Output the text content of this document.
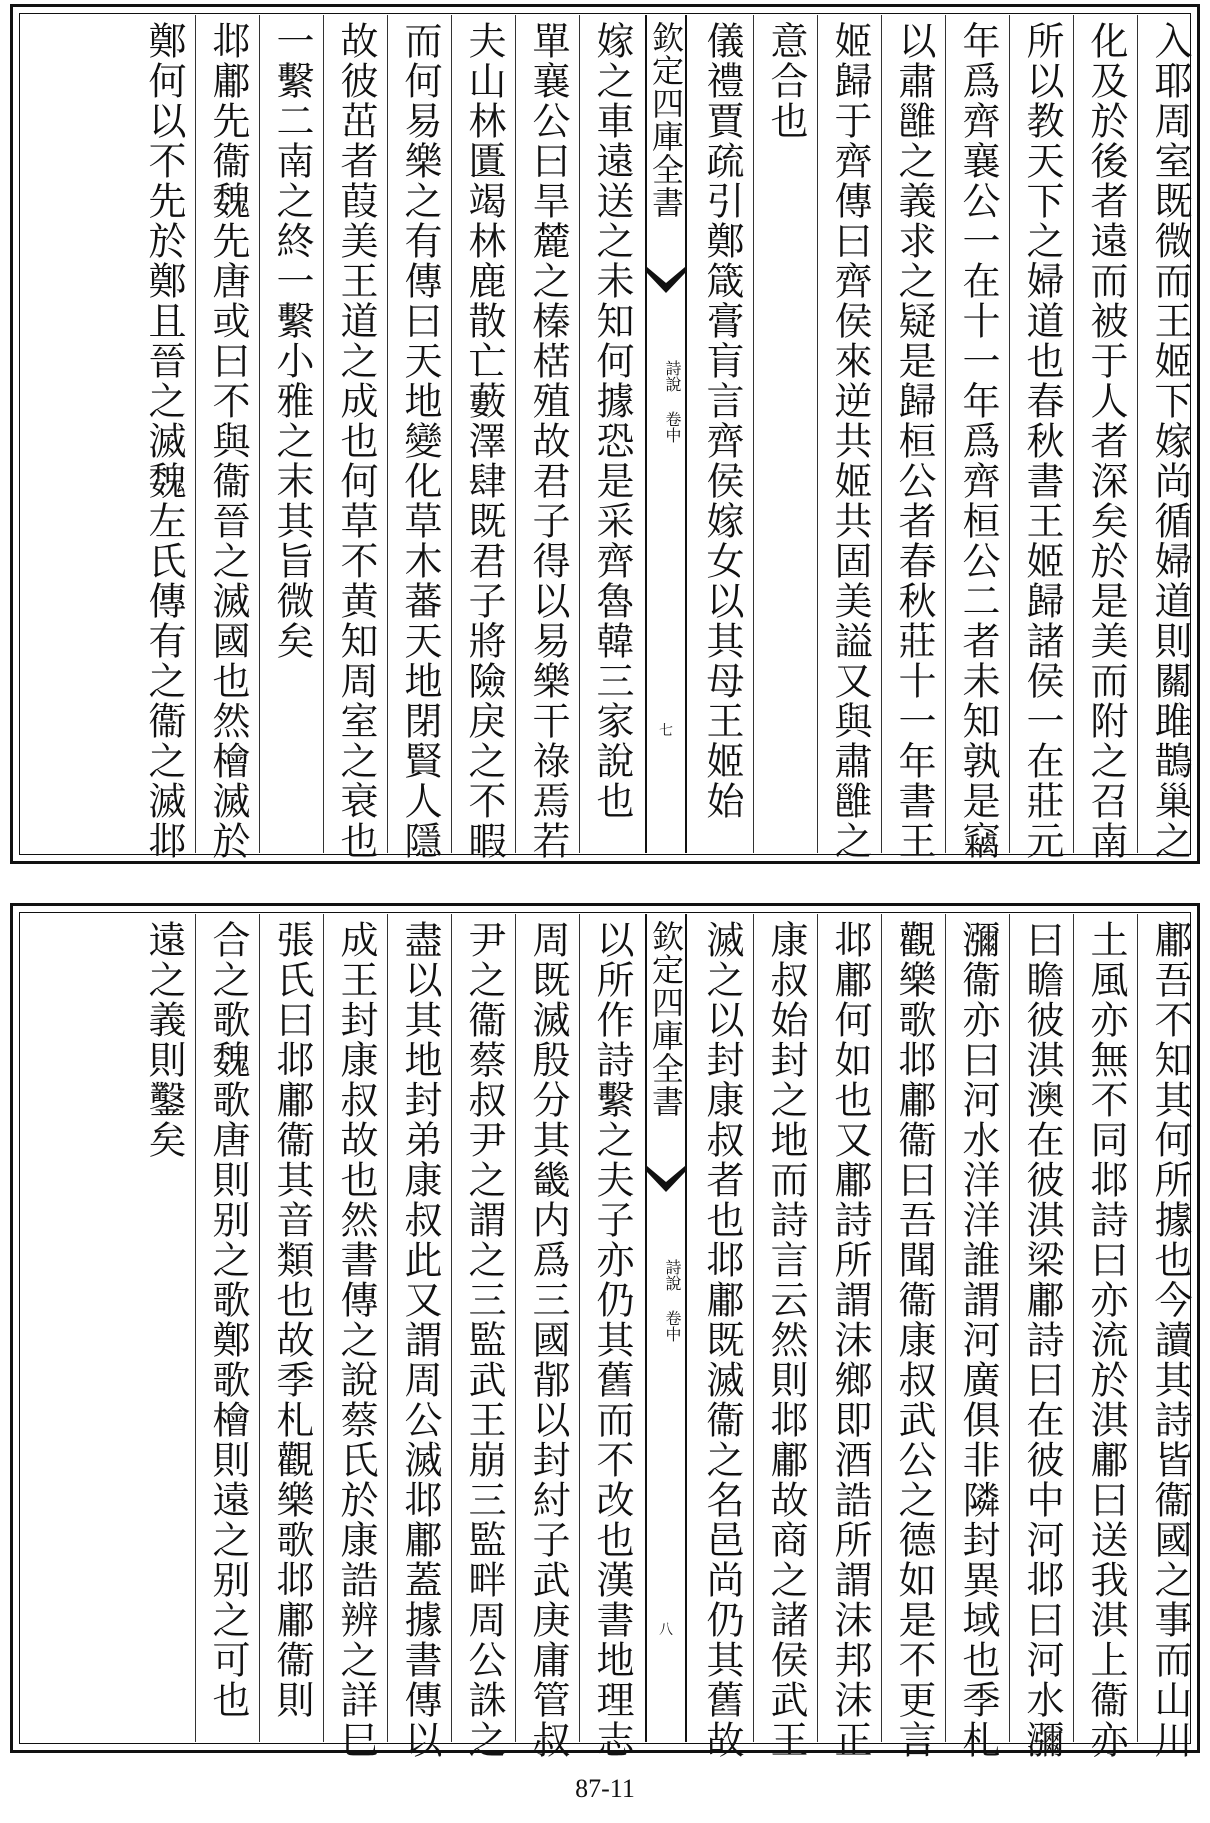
入耶周室既微而王姬下嫁尚循婦道則關雎鵲巢之
化及於後者遠而被于人者深矣於是美而附之召南
所以教天下之婦道也春秋書王姬歸諸侯一在莊元
年爲齊襄公一在十一年爲齊桓公二者未知孰是竊
以肅雝之義求之疑是歸桓公者春秋莊十一年書王
姬歸于齊傳曰齊侯來逆共姬共固美謚又與肅雝之
意合也
儀禮賈疏引鄭箴膏肓言齊侯嫁女以其母王姬始
欽定四庫全書
詩說 卷中
七
嫁之車遠送之未知何據恐是采齊魯韓三家說也
單襄公曰旱麓之榛楛殖故君子得以易樂干祿焉若
夫山林匱竭林鹿散亡藪澤肆既君子將險戾之不暇
而何易樂之有傳曰天地變化草木蕃天地閉賢人隱
故彼茁者葭美王道之成也何草不黄知周室之衰也
一繫二南之終一繫小雅之末其旨微矣
邶鄘先衞魏先唐或曰不與衞晉之滅國也然檜滅於
鄭何以不先於鄭且晉之滅魏左氏傳有之衞之滅邶
鄘吾不知其何所據也今讀其詩皆衞國之事而山川
土風亦無不同邶詩曰亦流於淇鄘曰送我淇上衞亦
曰瞻彼淇澳在彼淇梁鄘詩曰在彼中河邶曰河水瀰
瀰衞亦曰河水洋洋誰謂河廣俱非隣封異域也季札
觀樂歌邶鄘衞曰吾聞衞康叔武公之德如是不更言
邶鄘何如也又鄘詩所謂沫鄉即酒誥所謂沫邦沫正
康叔始封之地而詩言云然則邶鄘故商之諸侯武王
滅之以封康叔者也邶鄘既滅衞之名邑尚仍其舊故
欽定四庫全書
詩說 卷中
八
以所作詩繫之夫子亦仍其舊而不改也漢書地理志
周既滅殷分其畿内爲三國鄁以封紂子武庚庸管叔
尹之衞蔡叔尹之謂之三監武王崩三監畔周公誅之
盡以其地封弟康叔此又謂周公滅邶鄘蓋據書傳以
成王封康叔故也然書傳之說蔡氏於康誥辨之詳巳
張氏曰邶鄘衞其音類也故季札觀樂歌邶鄘衞則
合之歌魏歌唐則别之歌鄭歌檜則遠之别之可也
遠之義則鑿矣
87-11
